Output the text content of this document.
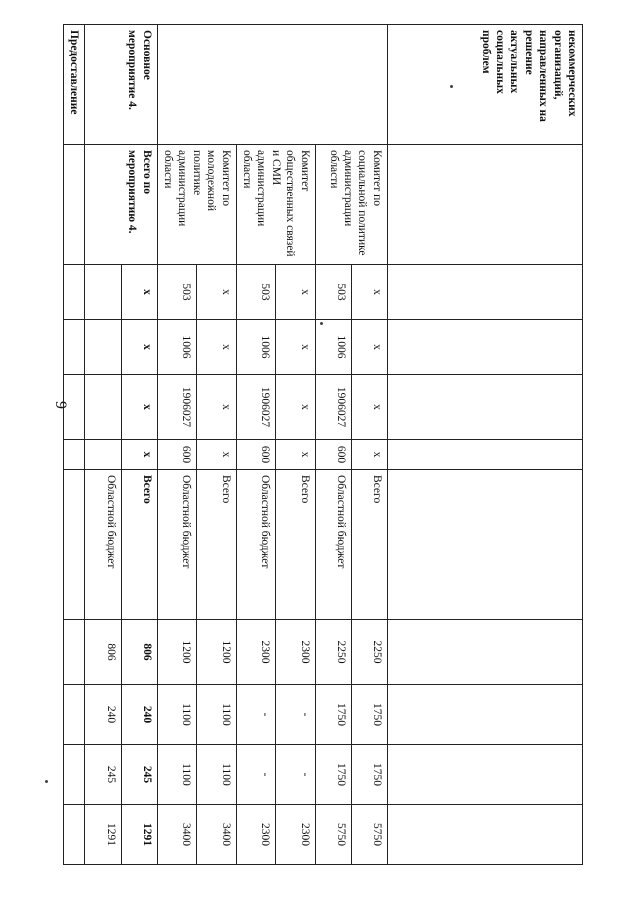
9
некоммерческих организаций, направленных на решение актуальных социальных проблем										
	Комитет по социальной политике администрации области	x	x	x	x	Всего	2250	1750	1750	5750
		503	1006	1906027	600	Областной бюджет	2250	1750	1750	5750
	Комитет общественных связей и СМИ администрации области	x	x	x	x	Всего	2300	-	-	2300
		503	1006	1906027	600	Областной бюджет	2300	-	-	2300
	Комитет по молодежной политике администрации области	x	x	x	x	Всего	1200	1100	1100	3400
		503	1006	1906027	600	Областной бюджет	1200	1100	1100	3400
Основное мероприятие 4.	Всего по мероприятию 4.	x	x	x	x	Всего	806	240	245	1291
						Областной бюджет	806	240	245	1291
Предоставление										
